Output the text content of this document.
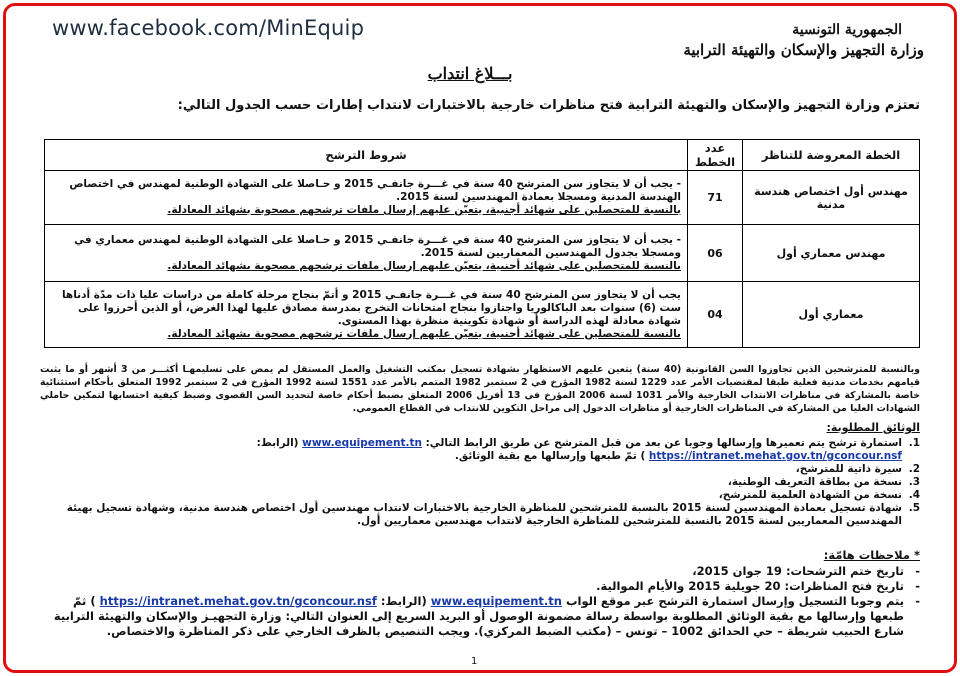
www.facebook.com/MinEquip	الجمهورية التونسية
وزارة التجهيز والإسكان والتهيئة الترابية
بـــلاغ انتداب
تعتزم وزارة التجهيز والإسكان والتهيئة الترابية فتح مناظرات خارجية بالاختبارات لانتداب إطارات حسب الجدول التالي:
الخطة المعروضة للتناظر	عدد الخطط	شروط الترشح
مهندس أول اختصاص هندسة مدنية	71	- يجب أن لا يتجاوز سن المترشح 40 سنة في غـــرة جانفـي 2015 و حـاصلا على الشهادة الوطنية لمهندس في اختصاص الهندسة المدنية ومسجلا بعمادة المهندسين لسنة 2015.
بالنسبة للمتحصلين على شهائد أجنبية، يتعيّن عليهم إرسال ملفات ترشحهم مصحوبة بشهائد المعادلة.

مهندس معماري أول	06	- يجب أن لا يتجاوز سن المترشح 40 سنة في غـــرة جانفـي 2015 و حـاصلا على الشهادة الوطنية لمهندس معماري في ومسجلا بجدول المهندسين المعماريين لسنة 2015.
بالنسبة للمتحصلين على شهائد أجنبية، يتعيّن عليهم إرسال ملفات ترشحهم مصحوبة بشهائد المعادلة.

معماري أول	04	يجب أن لا يتجاوز سن المترشح 40 سنة في غـــرة جانفـي 2015 و أتمّ بنجاح مرحلة كاملة من دراسات عليا ذات مدّة أدناها ست (6) سنوات بعد الباكالوريا واجتازوا بنجاح امتحانات التخرج بمدرسة مصادق عليها لهذا الغرض، أو الذين أحرزوا على شهادة معادلة لهذه الدراسة أو شهادة تكوينية منظرة بهذا المستوى.
بالنسبة للمتحصلين على شهائد أجنبية، يتعيّن عليهم إرسال ملفات ترشحهم مصحوبة بشهائد المعادلة.
وبالنسبة للمترشحين الذين تجاوزوا السن القانونية (40 سنة) يتعين عليهم الاستظهار بشهادة تسجيل بمكتب التشغيل والعمل المستقل لم يمض على تسليمهـا أكثـــر من 3 أشهر أو ما يثبت قيامهم بخدمات مدنية فعلية طبقا لمقتضيات الأمر عدد 1229 لسنة 1982 المؤرخ في 2 سبتمبر 1982 المتمم بالأمر عدد 1551 لسنة 1992 المؤرخ في 2 سبتمبر 1992 المتعلق بأحكام استثنائية خاصة بالمشاركة في مناظرات الانتداب الخارجية والأمر 1031 لسنة 2006 المؤرخ في 13 أفريل 2006 المتعلق بضبط أحكام خاصة لتحديد السن القصوى وضبط كيفية احتسابها لتمكين حاملي الشهادات العليا من المشاركة في المناظرات الخارجية أو مناظرات الدخول إلى مراحل التكوين للانتداب في القطاع العمومي.
الوثائق المطلوبة:
1.
استمارة ترشح يتم تعميرها وإرسالها وجوبا عن بعد من قبل المترشح عن طريق الرابط التالي: www.equipement.tn (الرابط: https://intranet.mehat.gov.tn/gconcour.nsf ) ثمّ طبعها وإرسالها مع بقية الوثائق.
2.
سيرة ذاتية للمترشح،
3.
نسخة من بطاقة التعريف الوطنية،
4.
نسخة من الشهادة العلمية للمترشح،
5.
شهادة تسجيل بعمادة المهندسين لسنة 2015 بالنسبة للمترشحين للمناظرة الخارجية بالاختبارات لانتداب مهندسين أول اختصاص هندسة مدنية، وشهادة تسجيل بهيئة المهندسين المعماريين لسنة 2015 بالنسبة للمترشحين للمناظرة الخارجية لانتداب مهندسين معماريين أول.
* ملاحظات هامّة:
-
تاريخ ختم الترشحات: 19 جوان 2015،
-
تاريخ فتح المناظرات: 20 جويلية 2015 والأيام الموالية.
-
يتم وجوبا التسجيل وإرسال استمارة الترشح عبر موقع الواب www.equipement.tn (الرابط: https://intranet.mehat.gov.tn/gconcour.nsf ) ثمّ طبعها وإرسالها مع بقية الوثائق المطلوبة بواسطة رسالة مضمونة الوصول أو البريد السريع إلى العنوان التالي: وزارة التجهيـز والإسكان والتهيئة الترابية شارع الحبيب شريطة – حي الحدائق 1002 – تونس – (مكتب الضبط المركزي). ويجب التنصيص بالظرف الخارجي على ذكر المناظرة والاختصاص.
1
